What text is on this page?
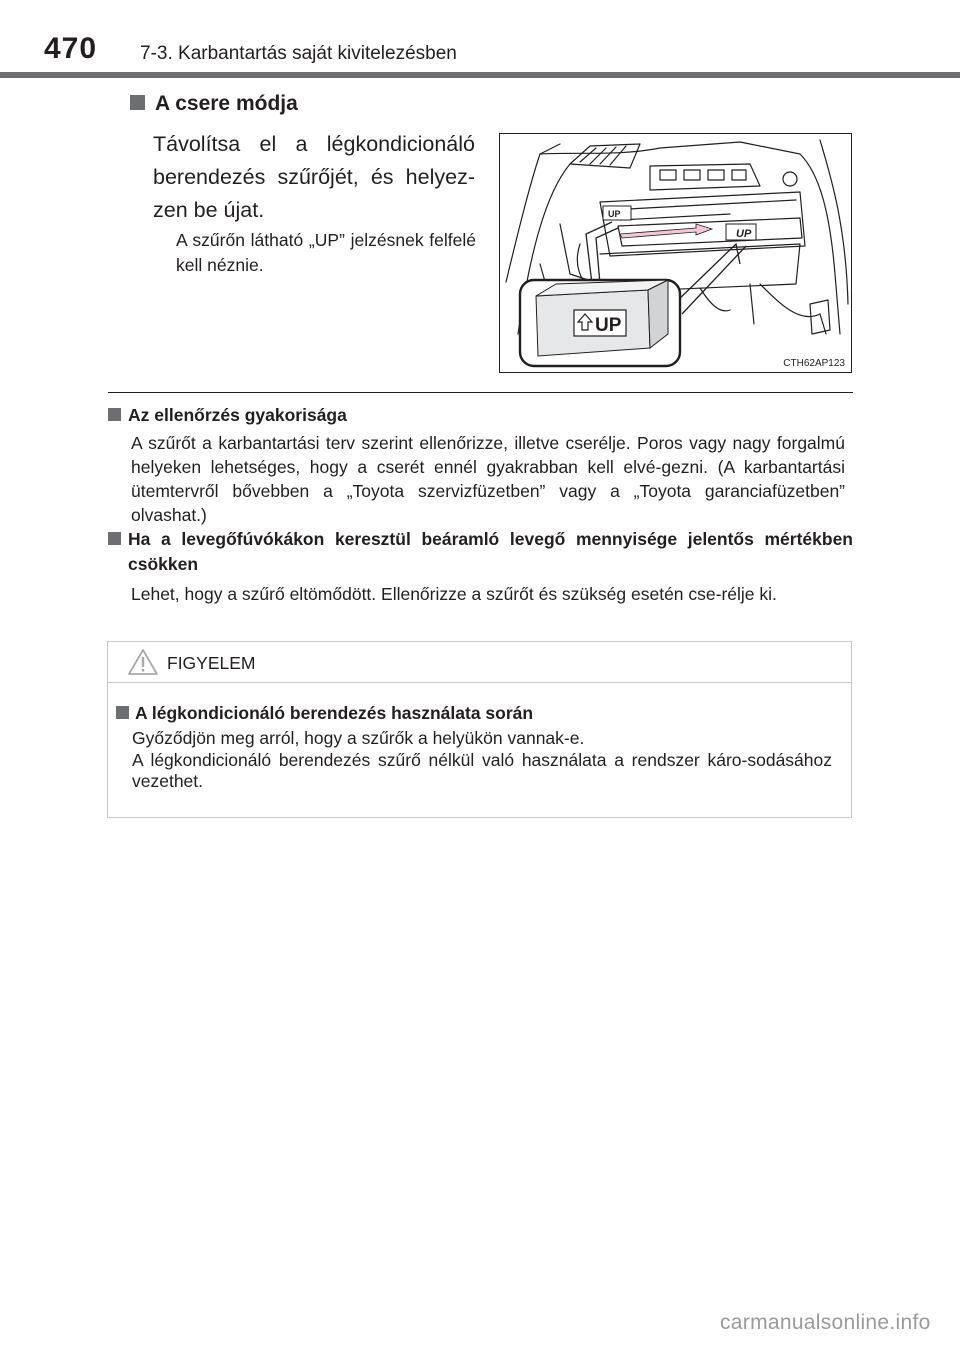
470 7-3. Karbantartás saját kivitelezésben
A csere módja
Távolítsa el a légkondicionáló berendezés szűrőjét, és helyez-zen be újat.
A szűrőn látható „UP” jelzésnek felfelé kell néznie.
UP
UP
UP
CTH62AP123
Az ellenőrzés gyakorisága
A szűrőt a karbantartási terv szerint ellenőrizze, illetve cserélje. Poros vagy nagy forgalmú helyeken lehetséges, hogy a cserét ennél gyakrabban kell elvé-gezni. (A karbantartási ütemtervről bővebben a „Toyota szervizfüzetben” vagy a „Toyota garanciafüzetben” olvashat.)
Ha a levegőfúvókákon keresztül beáramló levegő mennyisége jelentős mértékben csökken
Lehet, hogy a szűrő eltömődött. Ellenőrizze a szűrőt és szükség esetén cse-rélje ki.
FIGYELEM
A légkondicionáló berendezés használata során

Győződjön meg arról, hogy a szűrők a helyükön vannak-e.

A légkondicionáló berendezés szűrő nélkül való használata a rendszer káro-sodásához vezethet.

carmanualsonline.info
